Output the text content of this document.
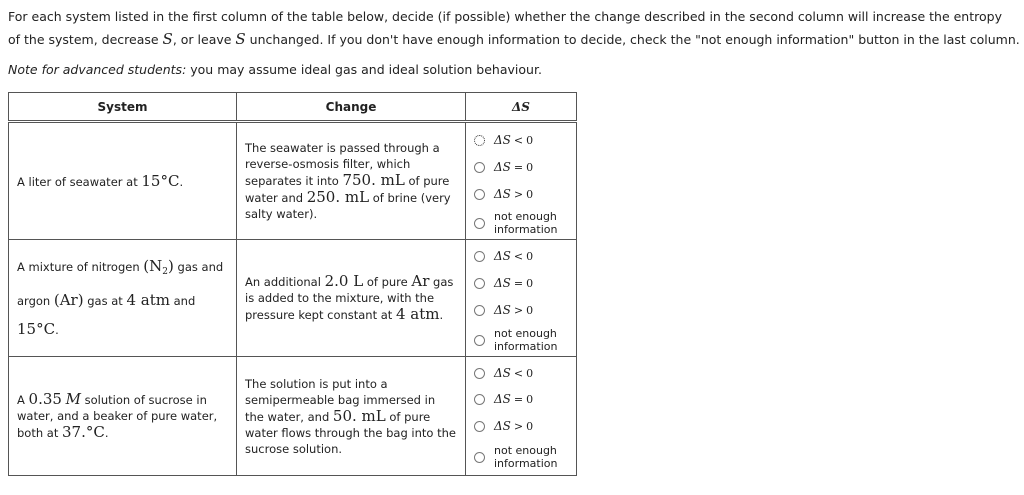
For each system listed in the first column of the table below, decide (if possible) whether the change described in the second column will increase the entropy
of the system, decrease S, or leave S unchanged. If you don't have enough information to decide, check the "not enough information" button in the last column.
Note for advanced students: you may assume ideal gas and ideal solution behaviour.
System	Change	ΔS
A liter of seawater at 15°C.	The seawater is passed through a reverse-osmosis filter, which separates it into 750. mL of pure water and 250. mL of brine (very salty water).	ΔS < 0
ΔS = 0
ΔS > 0
not enough
information

A mixture of nitrogen $(N_2)$ gas and argon (Ar) gas at 4 atm and 15°C.	An additional 2.0 L of pure Ar gas is added to the mixture, with the pressure kept constant at 4 atm.	ΔS < 0
ΔS = 0
ΔS > 0
not enough
information

A 0.35 M solution of sucrose in water, and a beaker of pure water, both at 37.°C.	The solution is put into a semipermeable bag immersed in the water, and 50. mL of pure water flows through the bag into the sucrose solution.	ΔS < 0
ΔS = 0
ΔS > 0
not enough
information
